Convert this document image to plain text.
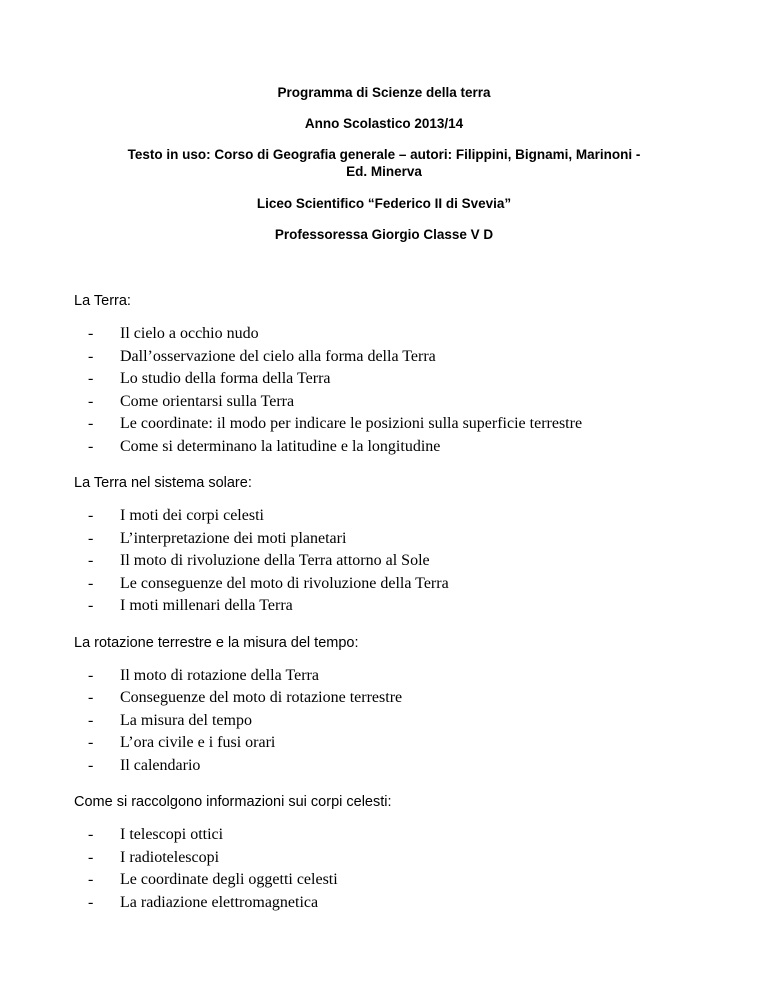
Programma di Scienze della terra
Anno Scolastico 2013/14
Testo in uso: Corso di Geografia generale – autori: Filippini, Bignami, Marinoni -
Ed. Minerva
Liceo Scientifico “Federico II di Svevia”
Professoressa Giorgio Classe V D
La Terra:
- Il cielo a occhio nudo
- Dall’osservazione del cielo alla forma della Terra
- Lo studio della forma della Terra
- Come orientarsi sulla Terra
- Le coordinate: il modo per indicare le posizioni sulla superficie terrestre
- Come si determinano la latitudine e la longitudine
La Terra nel sistema solare:
- I moti dei corpi celesti
- L’interpretazione dei moti planetari
- Il moto di rivoluzione della Terra attorno al Sole
- Le conseguenze del moto di rivoluzione della Terra
- I moti millenari della Terra
La rotazione terrestre e la misura del tempo:
- Il moto di rotazione della Terra
- Conseguenze del moto di rotazione terrestre
- La misura del tempo
- L’ora civile e i fusi orari
- Il calendario
Come si raccolgono informazioni sui corpi celesti:
- I telescopi ottici
- I radiotelescopi
- Le coordinate degli oggetti celesti
- La radiazione elettromagnetica
